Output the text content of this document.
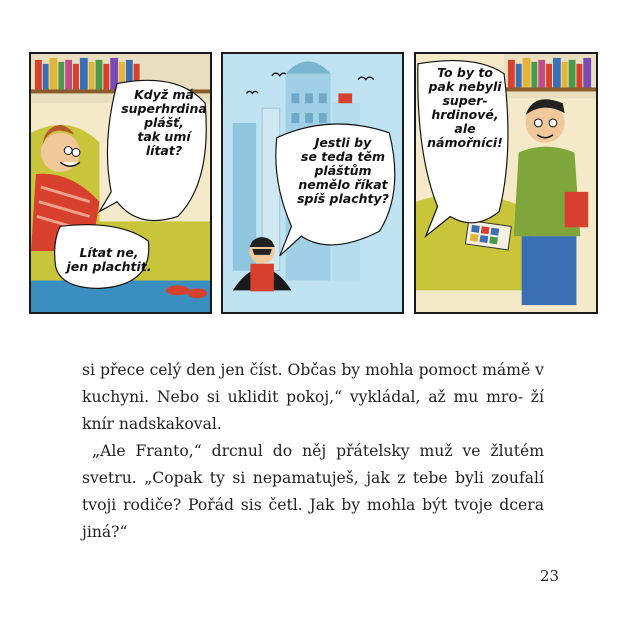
Když má
superhrdina
plášť,
tak umí
lítat?
Lítat ne,
jen plachtit.
Jestli by
se teda těm
pláštům
nemělo říkat
spíš plachty?
To by to
pak nebyli
super-
hrdinové,
ale
námořníci!

si přece celý den jen číst. Občas by mohla pomoct mámě v kuchyni. Nebo si uklidit pokoj,“ vykládal, až mu mro- ží knír nadskakoval.

„Ale Franto,“ drcnul do něj přátelsky muž ve žlutém svetru. „Copak ty si nepamatuješ, jak z tebe byli zoufalí tvoji rodiče? Pořád sis četl. Jak by mohla být tvoje dcera jiná?“

23
